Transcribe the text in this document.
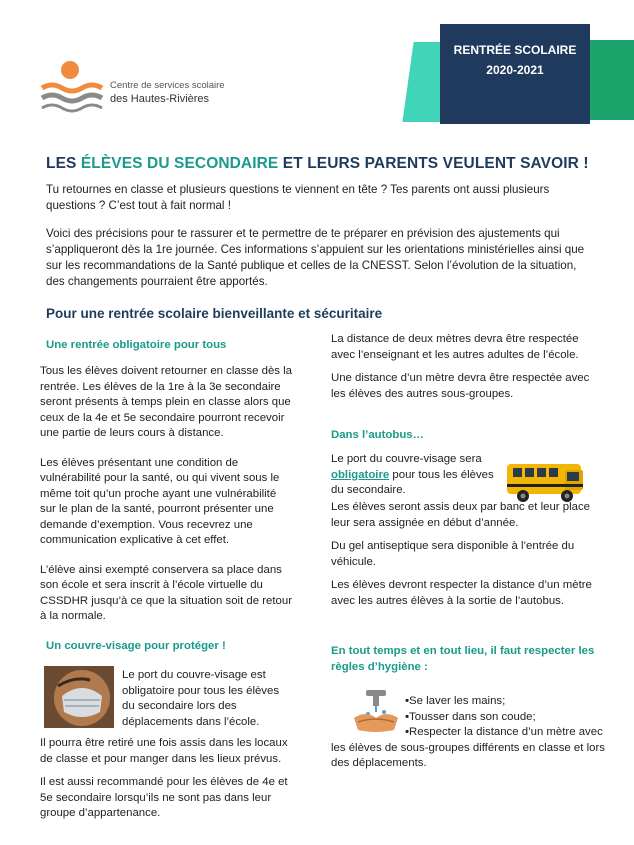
RENTRÉE SCOLAIRE
2020-2021
Centre de services scolaire
des Hautes-Rivières
LES ÉLÈVES DU SECONDAIRE ET LEURS PARENTS VEULENT SAVOIR !
Tu retournes en classe et plusieurs questions te viennent en tête ? Tes parents ont aussi plusieurs questions ? C’est tout à fait normal !
Voici des précisions pour te rassurer et te permettre de te préparer en prévision des ajustements qui s’appliqueront dès la 1re journée. Ces informations s’appuient sur les orientations ministérielles ainsi que sur les recommandations de la Santé publique et celles de la CNESST. Selon l’évolution de la situation, des changements pourraient être apportés.
Pour une rentrée scolaire bienveillante et sécuritaire
Une rentrée obligatoire pour tous

Tous les élèves doivent retourner en classe dès la rentrée. Les élèves de la 1re à la 3e secondaire seront présents à temps plein en classe alors que ceux de la 4e et 5e secondaire pourront recevoir une partie de leurs cours à distance.

Les élèves présentant une condition de vulnérabilité pour la santé, ou qui vivent sous le même toit qu’un proche ayant une vulnérabilité sur le plan de la santé, pourront présenter une demande d’exemption. Vous recevrez une communication explicative à cet effet.

L’élève ainsi exempté conservera sa place dans son école et sera inscrit à l’école virtuelle du CSSDHR jusqu’à ce que la situation soit de retour à la normale.

Un couvre-visage pour protéger !
Le port du couvre-visage est obligatoire pour tous les élèves du secondaire lors des déplacements dans l’école.

Il pourra être retiré une fois assis dans les locaux de classe et pour manger dans les lieux prévus.

Il est aussi recommandé pour les élèves de 4e et 5e secondaire lorsqu’ils ne sont pas dans leur groupe d’appartenance.

La distance de deux mètres devra être respectée avec l’enseignant et les autres adultes de l’école.

Une distance d’un mètre devra être respectée avec les élèves des autres sous-groupes.

Dans l’autobus…
Le port du couvre-visage sera obligatoire pour tous les élèves du secondaire.

Les élèves seront assis deux par banc et leur place leur sera assignée en début d’année.

Du gel antiseptique sera disponible à l’entrée du véhicule.

Les élèves devront respecter la distance d’un mètre avec les autres élèves à la sortie de l’autobus.

En tout temps et en tout lieu, il faut respecter les règles d’hygiène :
▪Se laver les mains;
▪Tousser dans son coude;
▪Respecter la distance d’un mètre avec les élèves de sous-groupes différents en classe et lors des déplacements.
